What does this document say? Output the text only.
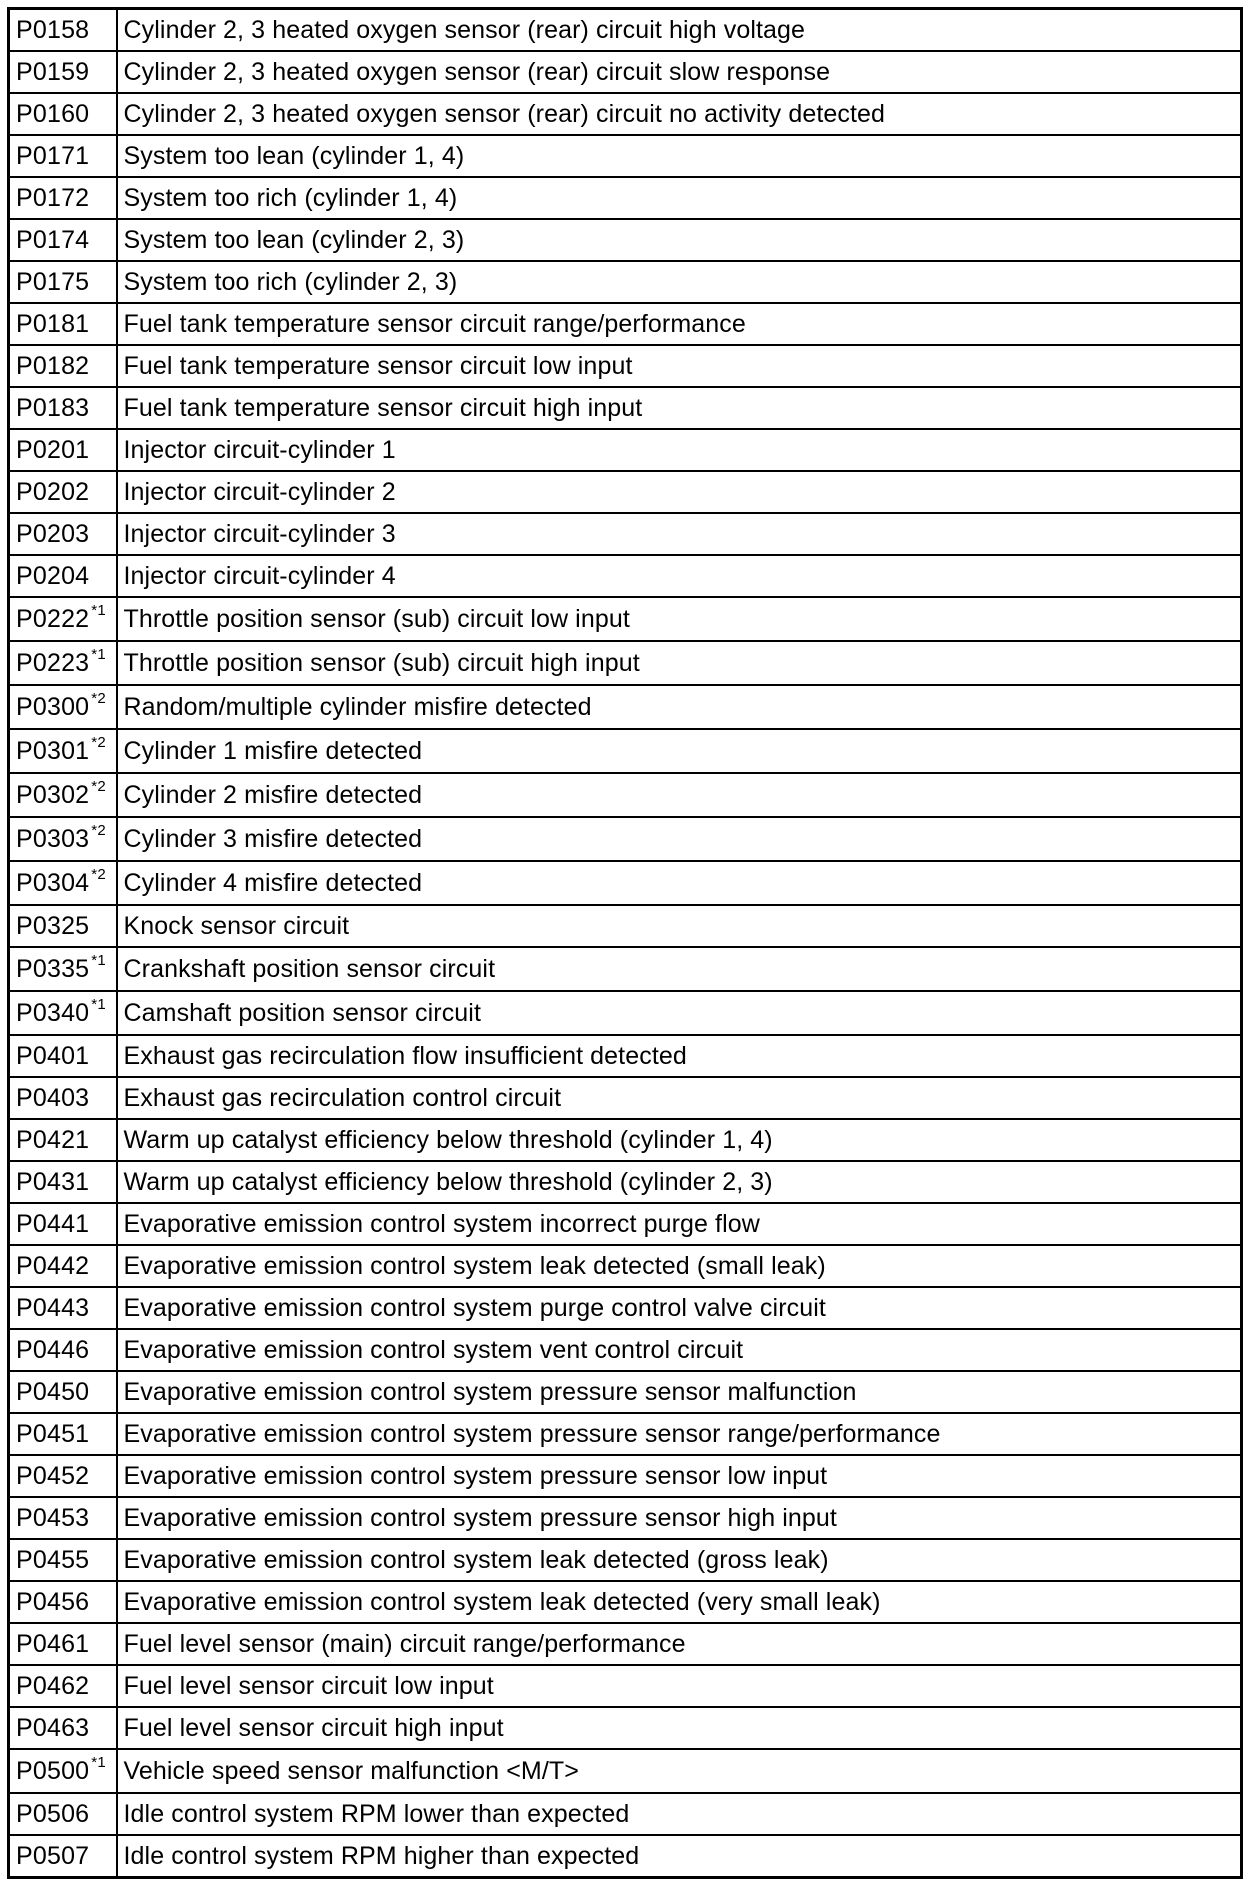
P0158	Cylinder 2, 3 heated oxygen sensor (rear) circuit high voltage
P0159	Cylinder 2, 3 heated oxygen sensor (rear) circuit slow response
P0160	Cylinder 2, 3 heated oxygen sensor (rear) circuit no activity detected
P0171	System too lean (cylinder 1, 4)
P0172	System too rich (cylinder 1, 4)
P0174	System too lean (cylinder 2, 3)
P0175	System too rich (cylinder 2, 3)
P0181	Fuel tank temperature sensor circuit range/performance
P0182	Fuel tank temperature sensor circuit low input
P0183	Fuel tank temperature sensor circuit high input
P0201	Injector circuit-cylinder 1
P0202	Injector circuit-cylinder 2
P0203	Injector circuit-cylinder 3
P0204	Injector circuit-cylinder 4
P0222 $^{*1}$	Throttle position sensor (sub) circuit low input
P0223 $^{*1}$	Throttle position sensor (sub) circuit high input
P0300 $^{*2}$	Random/multiple cylinder misfire detected
P0301 $^{*2}$	Cylinder 1 misfire detected
P0302 $^{*2}$	Cylinder 2 misfire detected
P0303 $^{*2}$	Cylinder 3 misfire detected
P0304 $^{*2}$	Cylinder 4 misfire detected
P0325	Knock sensor circuit
P0335 $^{*1}$	Crankshaft position sensor circuit
P0340 $^{*1}$	Camshaft position sensor circuit
P0401	Exhaust gas recirculation flow insufficient detected
P0403	Exhaust gas recirculation control circuit
P0421	Warm up catalyst efficiency below threshold (cylinder 1, 4)
P0431	Warm up catalyst efficiency below threshold (cylinder 2, 3)
P0441	Evaporative emission control system incorrect purge flow
P0442	Evaporative emission control system leak detected (small leak)
P0443	Evaporative emission control system purge control valve circuit
P0446	Evaporative emission control system vent control circuit
P0450	Evaporative emission control system pressure sensor malfunction
P0451	Evaporative emission control system pressure sensor range/performance
P0452	Evaporative emission control system pressure sensor low input
P0453	Evaporative emission control system pressure sensor high input
P0455	Evaporative emission control system leak detected (gross leak)
P0456	Evaporative emission control system leak detected (very small leak)
P0461	Fuel level sensor (main) circuit range/performance
P0462	Fuel level sensor circuit low input
P0463	Fuel level sensor circuit high input
P0500 $^{*1}$	Vehicle speed sensor malfunction <M/T>
P0506	Idle control system RPM lower than expected
P0507	Idle control system RPM higher than expected
